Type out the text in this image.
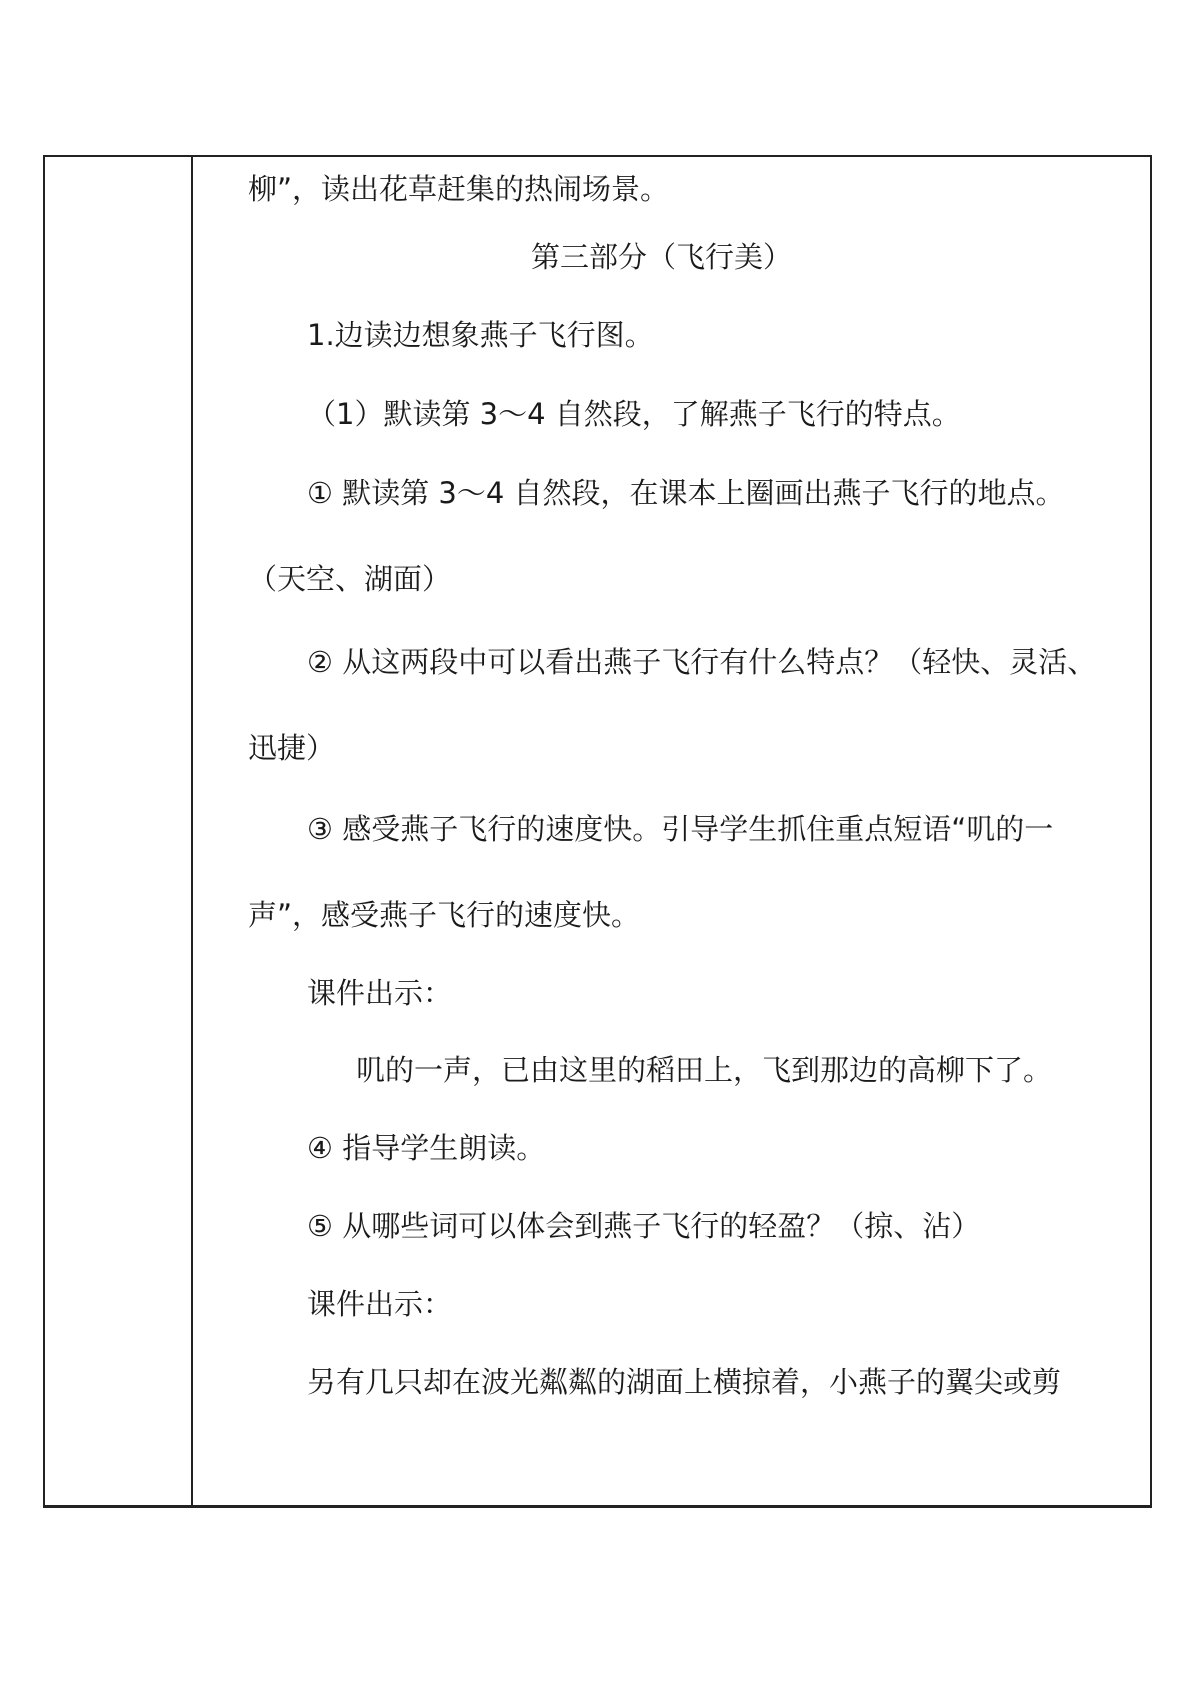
柳”，读出花草赶集的热闹场景。
第三部分（飞行美）
1.边读边想象燕子飞行图。
（1）默读第 3～4 自然段，了解燕子飞行的特点。
① 默读第 3～4 自然段，在课本上圈画出燕子飞行的地点。
（天空、湖面）
② 从这两段中可以看出燕子飞行有什么特点？（轻快、灵活、
迅捷）
③ 感受燕子飞行的速度快。引导学生抓住重点短语“叽的一
声”，感受燕子飞行的速度快。
课件出示：
叽的一声，已由这里的稻田上，飞到那边的高柳下了。
④ 指导学生朗读。
⑤ 从哪些词可以体会到燕子飞行的轻盈？（掠、沾）
课件出示：
另有几只却在波光粼粼的湖面上横掠着，小燕子的翼尖或剪
